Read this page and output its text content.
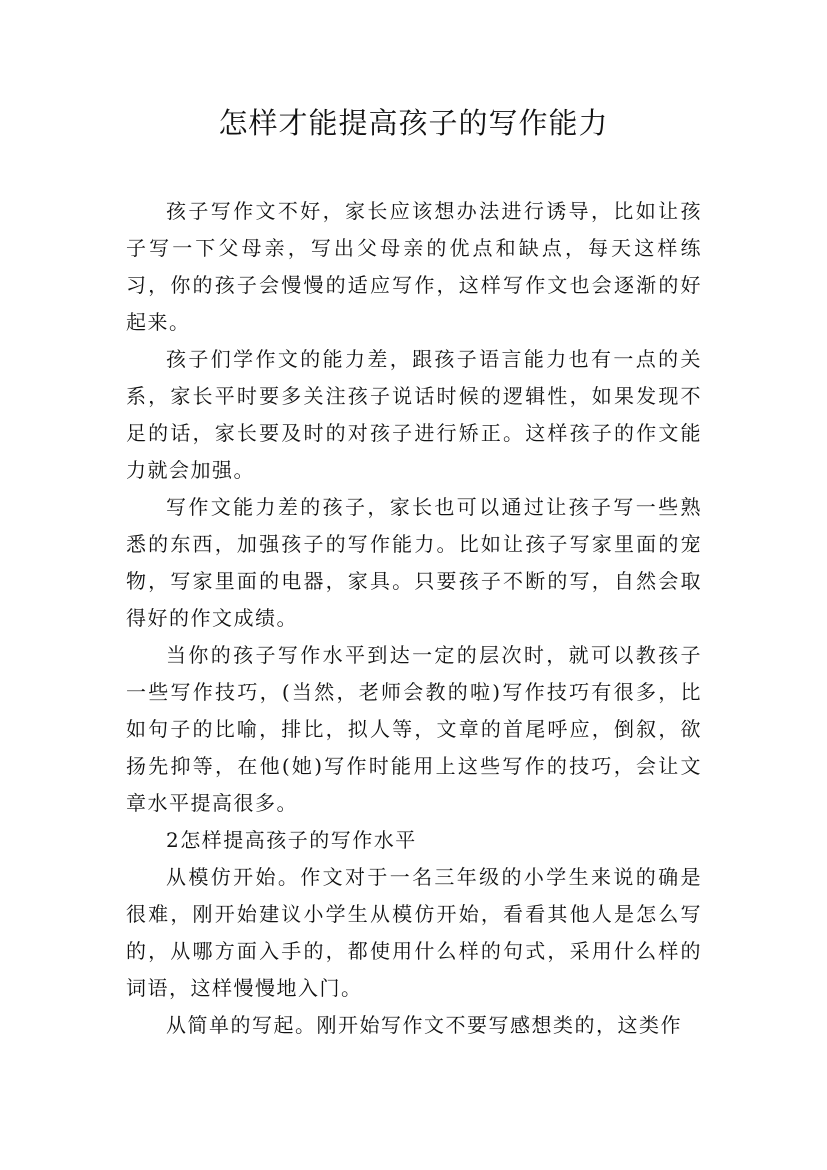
怎样才能提高孩子的写作能力

孩子写作文不好，家长应该想办法进行诱导，比如让孩子写一下父母亲，写出父母亲的优点和缺点，每天这样练习，你的孩子会慢慢的适应写作，这样写作文也会逐渐的好起来。

孩子们学作文的能力差，跟孩子语言能力也有一点的关系，家长平时要多关注孩子说话时候的逻辑性，如果发现不足的话，家长要及时的对孩子进行矫正。这样孩子的作文能力就会加强。

写作文能力差的孩子，家长也可以通过让孩子写一些熟悉的东西，加强孩子的写作能力。比如让孩子写家里面的宠物，写家里面的电器，家具。只要孩子不断的写，自然会取得好的作文成绩。

当你的孩子写作水平到达一定的层次时，就可以教孩子一些写作技巧，(当然，老师会教的啦)写作技巧有很多，比如句子的比喻，排比，拟人等，文章的首尾呼应，倒叙，欲扬先抑等，在他(她)写作时能用上这些写作的技巧，会让文章水平提高很多。

2怎样提高孩子的写作水平

从模仿开始。作文对于一名三年级的小学生来说的确是很难，刚开始建议小学生从模仿开始，看看其他人是怎么写的，从哪方面入手的，都使用什么样的句式，采用什么样的词语，这样慢慢地入门。

从简单的写起。刚开始写作文不要写感想类的，这类作
